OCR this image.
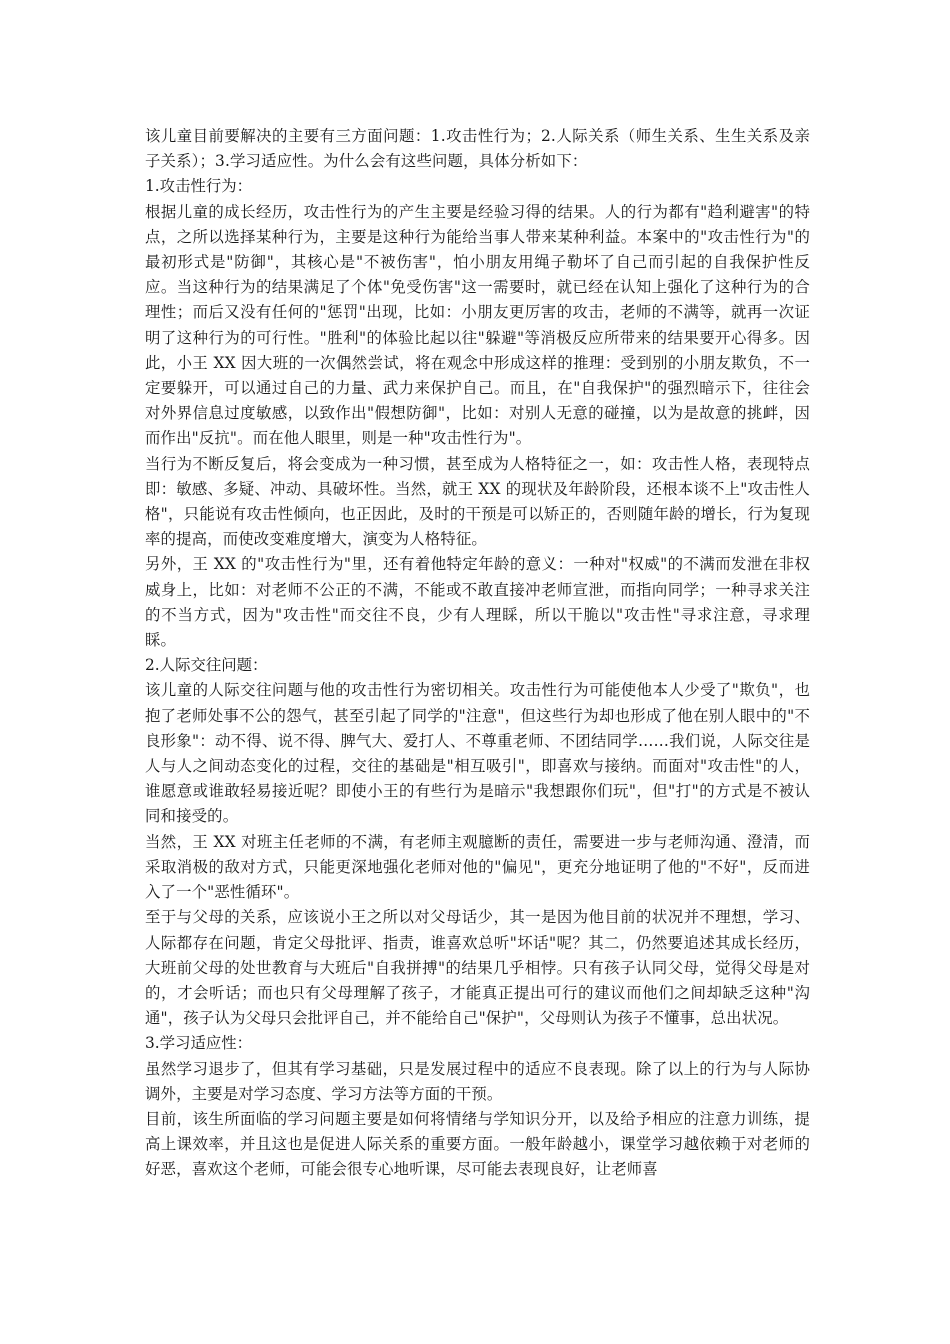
该儿童目前要解决的主要有三方面问题：1.攻击性行为；2.人际关系（师生关系、生生关系及亲子关系）；3.学习适应性。为什么会有这些问题，具体分析如下：

1.攻击性行为：

根据儿童的成长经历，攻击性行为的产生主要是经验习得的结果。人的行为都有"趋利避害"的特点，之所以选择某种行为，主要是这种行为能给当事人带来某种利益。本案中的"攻击性行为"的最初形式是"防御"，其核心是"不被伤害"，怕小朋友用绳子勒坏了自己而引起的自我保护性反应。当这种行为的结果满足了个体"免受伤害"这一需要时，就已经在认知上强化了这种行为的合理性；而后又没有任何的"惩罚"出现，比如：小朋友更厉害的攻击，老师的不满等，就再一次证明了这种行为的可行性。"胜利"的体验比起以往"躲避"等消极反应所带来的结果要开心得多。因此，小王 XX 因大班的一次偶然尝试，将在观念中形成这样的推理：受到别的小朋友欺负，不一定要躲开，可以通过自己的力量、武力来保护自己。而且，在"自我保护"的强烈暗示下，往往会对外界信息过度敏感，以致作出"假想防御"，比如：对别人无意的碰撞，以为是故意的挑衅，因而作出"反抗"。而在他人眼里，则是一种"攻击性行为"。

当行为不断反复后，将会变成为一种习惯，甚至成为人格特征之一，如：攻击性人格，表现特点即：敏感、多疑、冲动、具破坏性。当然，就王 XX 的现状及年龄阶段，还根本谈不上"攻击性人格"，只能说有攻击性倾向，也正因此，及时的干预是可以矫正的，否则随年龄的增长，行为复现率的提高，而使改变难度增大，演变为人格特征。

另外，王 XX 的"攻击性行为"里，还有着他特定年龄的意义：一种对"权威"的不满而发泄在非权威身上，比如：对老师不公正的不满，不能或不敢直接冲老师宣泄，而指向同学；一种寻求关注的不当方式，因为"攻击性"而交往不良，少有人理睬，所以干脆以"攻击性"寻求注意，寻求理睬。

2.人际交往问题：

该儿童的人际交往问题与他的攻击性行为密切相关。攻击性行为可能使他本人少受了"欺负"，也抱了老师处事不公的怨气，甚至引起了同学的"注意"，但这些行为却也形成了他在别人眼中的"不良形象"：动不得、说不得、脾气大、爱打人、不尊重老师、不团结同学……我们说，人际交往是人与人之间动态变化的过程，交往的基础是"相互吸引"，即喜欢与接纳。而面对"攻击性"的人，谁愿意或谁敢轻易接近呢？即使小王的有些行为是暗示"我想跟你们玩"，但"打"的方式是不被认同和接受的。

当然，王 XX 对班主任老师的不满，有老师主观臆断的责任，需要进一步与老师沟通、澄清，而采取消极的敌对方式，只能更深地强化老师对他的"偏见"，更充分地证明了他的"不好"，反而进入了一个"恶性循环"。

至于与父母的关系，应该说小王之所以对父母话少，其一是因为他目前的状况并不理想，学习、人际都存在问题，肯定父母批评、指责，谁喜欢总听"坏话"呢？其二，仍然要追述其成长经历，大班前父母的处世教育与大班后"自我拼搏"的结果几乎相悖。只有孩子认同父母，觉得父母是对的，才会听话；而也只有父母理解了孩子，才能真正提出可行的建议而他们之间却缺乏这种"沟通"，孩子认为父母只会批评自己，并不能给自己"保护"，父母则认为孩子不懂事，总出状况。

3.学习适应性：

虽然学习退步了，但其有学习基础，只是发展过程中的适应不良表现。除了以上的行为与人际协调外，主要是对学习态度、学习方法等方面的干预。

目前，该生所面临的学习问题主要是如何将情绪与学知识分开，以及给予相应的注意力训练，提高上课效率，并且这也是促进人际关系的重要方面。一般年龄越小，课堂学习越依赖于对老师的好恶，喜欢这个老师，可能会很专心地听课，尽可能去表现良好，让老师喜
